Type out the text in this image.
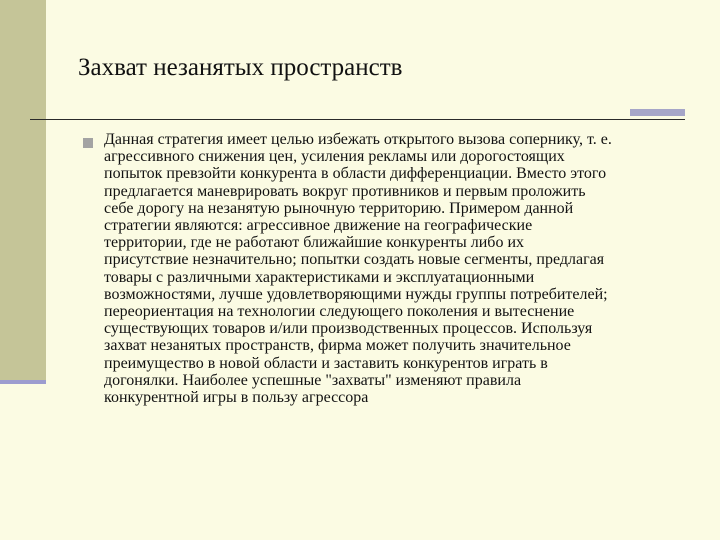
Захват незанятых пространств
Данная стратегия имеет целью избежать открытого вызова сопернику, т. е.
агрессивного снижения цен, усиления рекламы или дорогостоящих
попыток превзойти конкурента в области дифференциации. Вместо этого
предлагается маневрировать вокруг противников и первым проложить
себе дорогу на незанятую рыночную территорию. Примером данной
стратегии являются: агрессивное движение на географические
территории, где не работают ближайшие конкуренты либо их
присутствие незначительно; попытки создать новые сегменты, предлагая
товары с различными характеристиками и эксплуатационными
возможностями, лучше удовлетворяющими нужды группы потребителей;
переориентация на технологии следующего поколения и вытеснение
существующих товаров и/или производственных процессов. Используя
захват незанятых пространств, фирма может получить значительное
преимущество в новой области и заставить конкурентов играть в
догонялки. Наиболее успешные "захваты" изменяют правила
конкурентной игры в пользу агрессора
